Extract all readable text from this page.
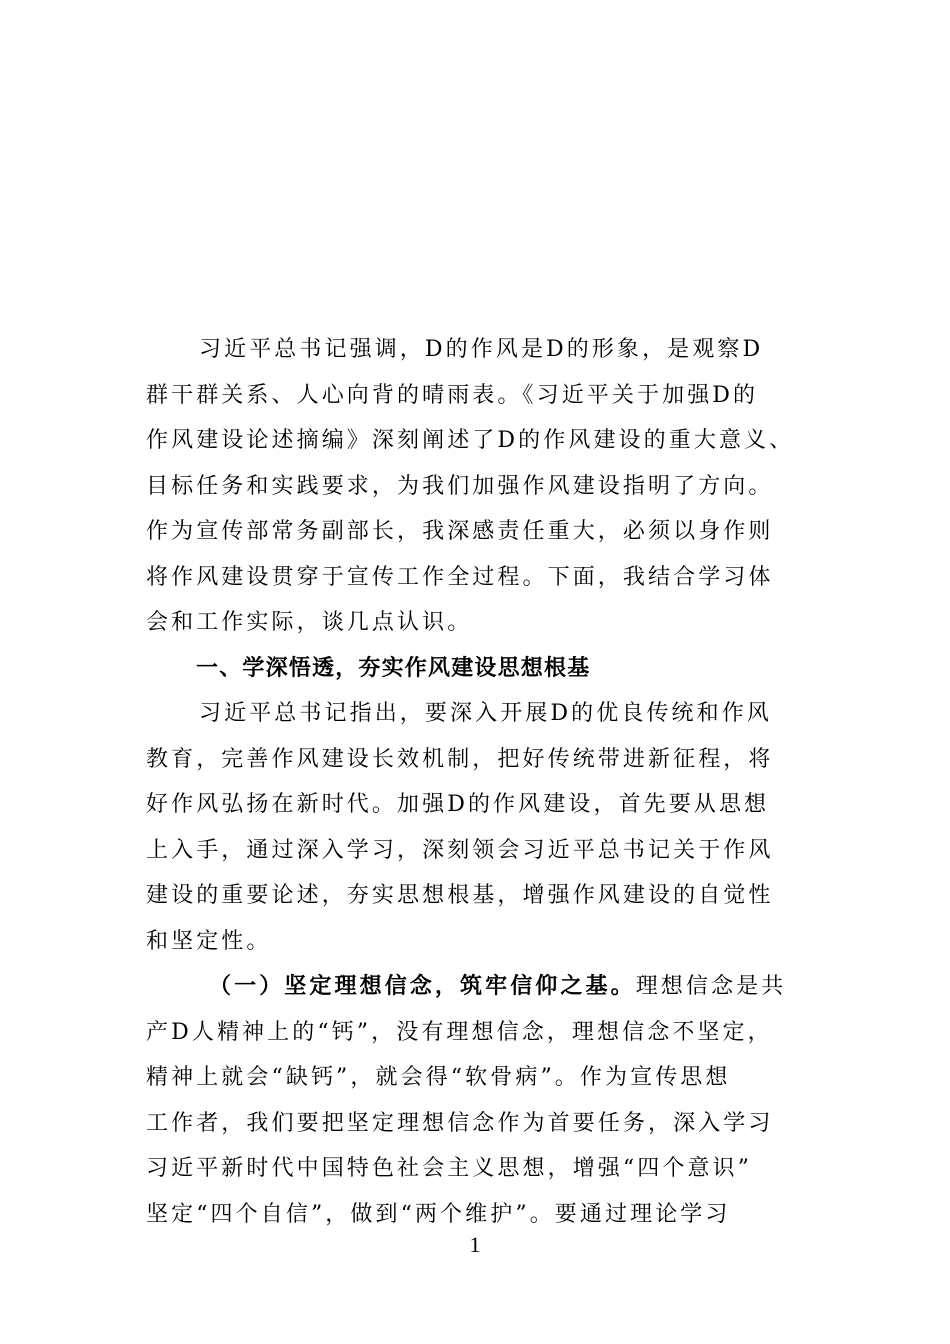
习近平总书记强调，D的作风是D的形象，是观察D
群干群关系、人心向背的晴雨表。《习近平关于加强D的
作风建设论述摘编》深刻阐述了D的作风建设的重大意义、
目标任务和实践要求，为我们加强作风建设指明了方向。
作为宣传部常务副部长，我深感责任重大，必须以身作则
将作风建设贯穿于宣传工作全过程。下面，我结合学习体
会和工作实际，谈几点认识。
一、学深悟透，夯实作风建设思想根基
习近平总书记指出，要深入开展D的优良传统和作风
教育，完善作风建设长效机制，把好传统带进新征程，将
好作风弘扬在新时代。加强D的作风建设，首先要从思想
上入手，通过深入学习，深刻领会习近平总书记关于作风
建设的重要论述，夯实思想根基，增强作风建设的自觉性
和坚定性。
（一）坚定理想信念，筑牢信仰之基。理想信念是共
产D人精神上的“钙”，没有理想信念，理想信念不坚定，
精神上就会“缺钙”，就会得“软骨病”。作为宣传思想
工作者，我们要把坚定理想信念作为首要任务，深入学习
习近平新时代中国特色社会主义思想，增强“四个意识”
坚定“四个自信”，做到“两个维护”。要通过理论学习
1
